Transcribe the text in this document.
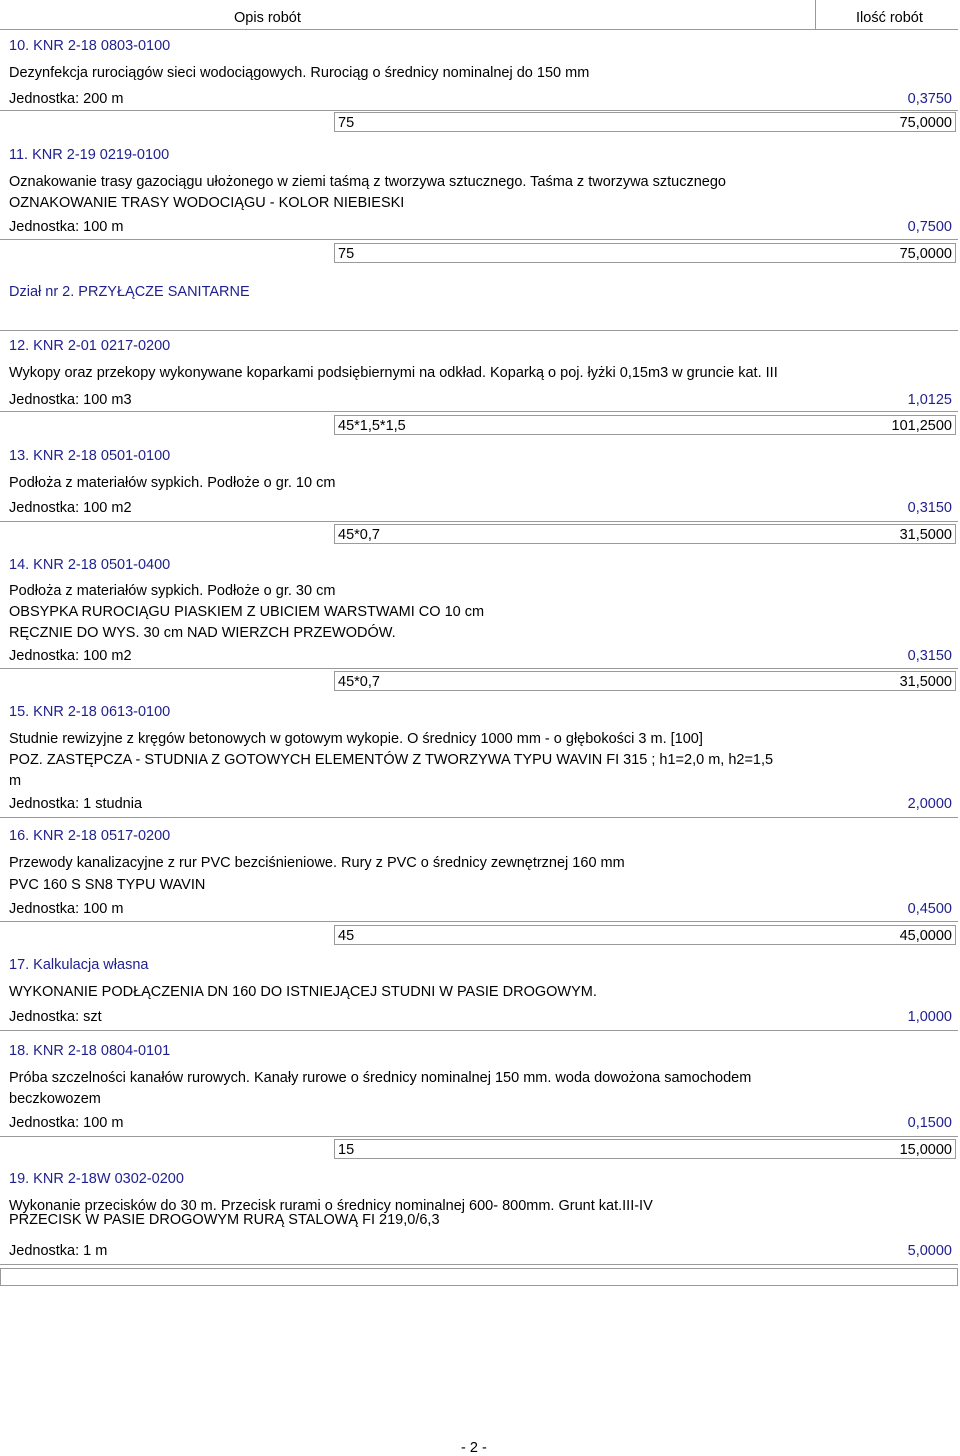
Opis robót	Ilość robót
10. KNR 2-18 0803-0100
Dezynfekcja rurociągów sieci wodociągowych. Rurociąg o średnicy nominalnej do 150 mm
Jednostka: 200 m	0,3750
75	75,0000
11. KNR 2-19 0219-0100
Oznakowanie trasy gazociągu ułożonego w ziemi taśmą z tworzywa sztucznego. Taśma z tworzywa sztucznego
OZNAKOWANIE TRASY WODOCIĄGU - KOLOR NIEBIESKI
Jednostka: 100 m	0,7500
75	75,0000
Dział nr 2. PRZYŁĄCZE SANITARNE
12. KNR 2-01 0217-0200
Wykopy oraz przekopy wykonywane koparkami podsiębiernymi na odkład. Koparką o poj. łyżki 0,15m3 w gruncie kat. III
Jednostka: 100 m3	1,0125
45*1,5*1,5	101,2500
13. KNR 2-18 0501-0100
Podłoża z materiałów sypkich. Podłoże o gr. 10 cm
Jednostka: 100 m2	0,3150
45*0,7	31,5000
14. KNR 2-18 0501-0400
Podłoża z materiałów sypkich. Podłoże o gr. 30 cm
OBSYPKA RUROCIĄGU PIASKIEM Z UBICIEM WARSTWAMI CO 10 cm
RĘCZNIE DO WYS. 30 cm NAD WIERZCH PRZEWODÓW.
Jednostka: 100 m2	0,3150
45*0,7	31,5000
15. KNR 2-18 0613-0100
Studnie rewizyjne z kręgów betonowych w gotowym wykopie. O średnicy 1000 mm - o głębokości 3 m. [100]
POZ. ZASTĘPCZA - STUDNIA Z GOTOWYCH ELEMENTÓW Z TWORZYWA TYPU WAVIN FI 315 ; h1=2,0 m, h2=1,5
m
Jednostka: 1 studnia	2,0000
16. KNR 2-18 0517-0200
Przewody kanalizacyjne z rur PVC bezciśnieniowe. Rury z PVC o średnicy zewnętrznej 160 mm
PVC 160 S SN8 TYPU WAVIN
Jednostka: 100 m	0,4500
45	45,0000
17. Kalkulacja własna
WYKONANIE PODŁĄCZENIA DN 160 DO ISTNIEJĄCEJ STUDNI W PASIE DROGOWYM.
Jednostka: szt	1,0000
18. KNR 2-18 0804-0101
Próba szczelności kanałów rurowych. Kanały rurowe o średnicy nominalnej 150 mm. woda dowożona samochodem
beczkowozem
Jednostka: 100 m	0,1500
15	15,0000
19. KNR 2-18W 0302-0200
Wykonanie przecisków do 30 m. Przecisk rurami o średnicy nominalnej 600- 800mm. Grunt kat.III-IV
PRZECISK W PASIE DROGOWYM RURĄ STALOWĄ FI 219,0/6,3
Jednostka: 1 m	5,0000
- 2 -
